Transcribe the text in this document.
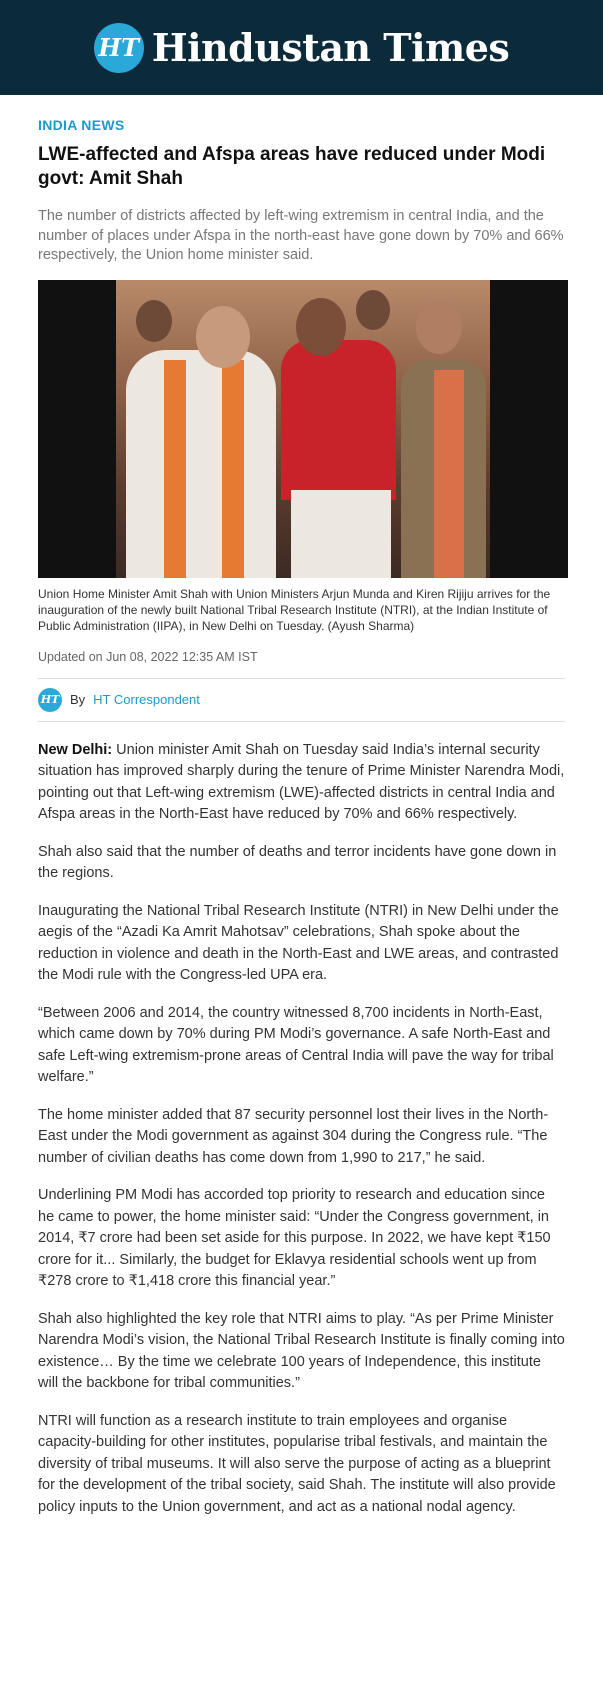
HT Hindustan Times
INDIA NEWS
LWE-affected and Afspa areas have reduced under Modi govt: Amit Shah
The number of districts affected by left-wing extremism in central India, and the number of places under Afspa in the north-east have gone down by 70% and 66% respectively, the Union home minister said.
Union Home Minister Amit Shah with Union Ministers Arjun Munda and Kiren Rijiju arrives for the inauguration of the newly built National Tribal Research Institute (NTRI), at the Indian Institute of Public Administration (IIPA), in New Delhi on Tuesday. (Ayush Sharma)
Updated on Jun 08, 2022 12:35 AM IST
HT By HT Correspondent

New Delhi: Union minister Amit Shah on Tuesday said India’s internal security situation has improved sharply during the tenure of Prime Minister Narendra Modi, pointing out that Left-wing extremism (LWE)-affected districts in central India and Afspa areas in the North-East have reduced by 70% and 66% respectively.

Shah also said that the number of deaths and terror incidents have gone down in the regions.

Inaugurating the National Tribal Research Institute (NTRI) in New Delhi under the aegis of the “Azadi Ka Amrit Mahotsav” celebrations, Shah spoke about the reduction in violence and death in the North-East and LWE areas, and contrasted the Modi rule with the Congress-led UPA era.

“Between 2006 and 2014, the country witnessed 8,700 incidents in North-East, which came down by 70% during PM Modi’s governance. A safe North-East and safe Left-wing extremism-prone areas of Central India will pave the way for tribal welfare.”

The home minister added that 87 security personnel lost their lives in the North-East under the Modi government as against 304 during the Congress rule. “The number of civilian deaths has come down from 1,990 to 217,” he said.

Underlining PM Modi has accorded top priority to research and education since he came to power, the home minister said: “Under the Congress government, in 2014, ₹7 crore had been set aside for this purpose. In 2022, we have kept ₹150 crore for it... Similarly, the budget for Eklavya residential schools went up from ₹278 crore to ₹1,418 crore this financial year.”

Shah also highlighted the key role that NTRI aims to play. “As per Prime Minister Narendra Modi’s vision, the National Tribal Research Institute is finally coming into existence… By the time we celebrate 100 years of Independence, this institute will the backbone for tribal communities.”

NTRI will function as a research institute to train employees and organise capacity-building for other institutes, popularise tribal festivals, and maintain the diversity of tribal museums. It will also serve the purpose of acting as a blueprint for the development of the tribal society, said Shah. The institute will also provide policy inputs to the Union government, and act as a national nodal agency.
